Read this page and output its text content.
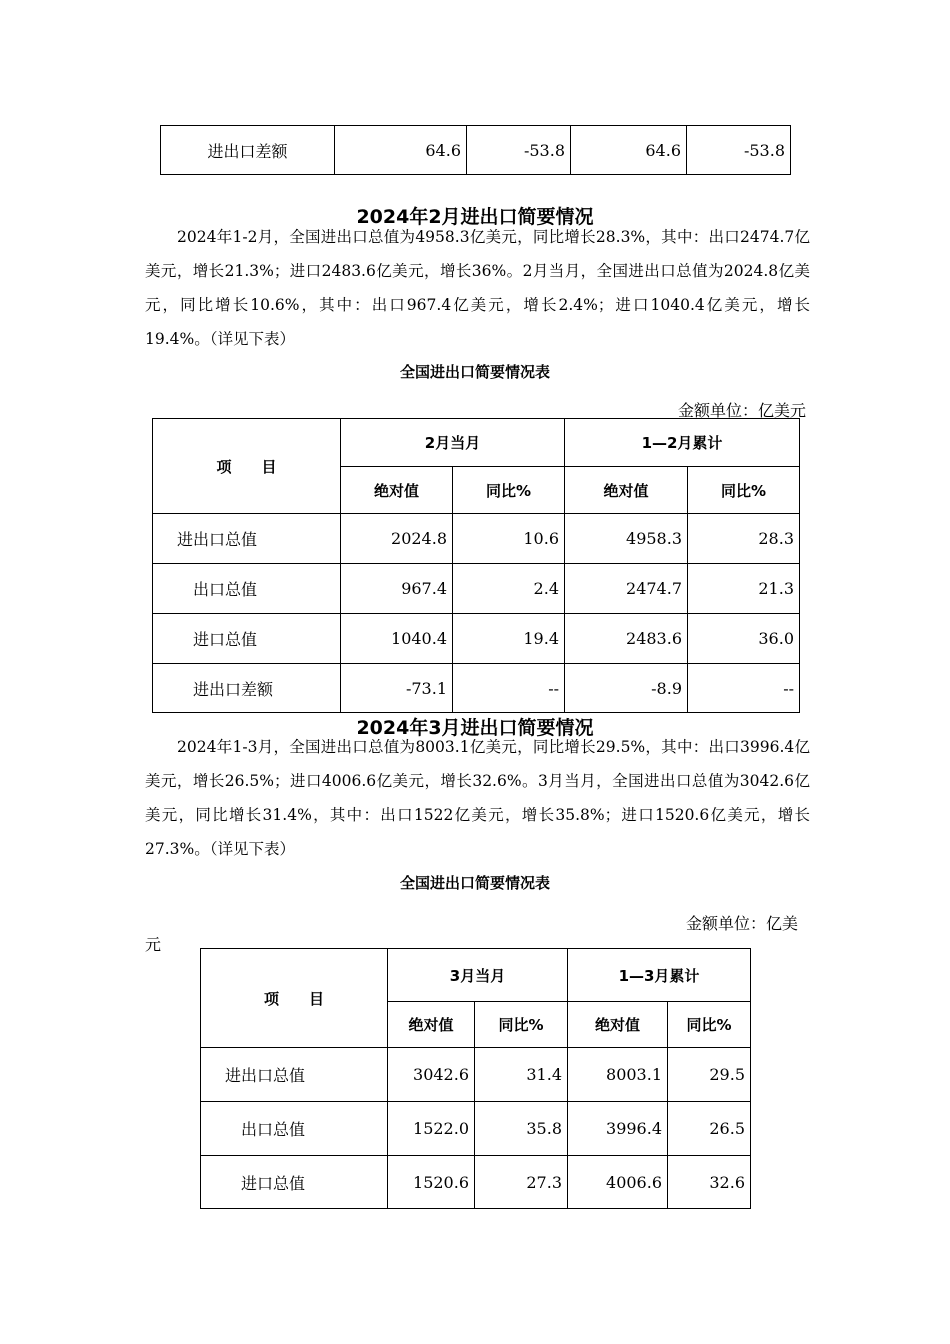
进出口差额	64.6	-53.8	64.6	-53.8
2024年2月进出口简要情况
2024年1-2月，全国进出口总值为4958.3亿美元，同比增长28.3%，其中：出口2474.7亿美元，增长21.3%；进口2483.6亿美元，增长36%。2月当月，全国进出口总值为2024.8亿美元，同比增长10.6%，其中：出口967.4亿美元，增长2.4%；进口1040.4亿美元，增长19.4%。（详见下表）
全国进出口简要情况表
金额单位：亿美元
项　　目	2月当月		1—2月累计	
	绝对值	同比%	绝对值	同比%
进出口总值	2024.8	10.6	4958.3	28.3
出口总值	967.4	2.4	2474.7	21.3
进口总值	1040.4	19.4	2483.6	36.0
进出口差额	-73.1	--	-8.9	--
2024年3月进出口简要情况
2024年1-3月，全国进出口总值为8003.1亿美元，同比增长29.5%，其中：出口3996.4亿美元，增长26.5%；进口4006.6亿美元，增长32.6%。3月当月，全国进出口总值为3042.6亿美元，同比增长31.4%，其中：出口1522亿美元，增长35.8%；进口1520.6亿美元，增长27.3%。（详见下表）
全国进出口简要情况表
金额单位：亿美
元
项　　目	3月当月		1—3月累计	
	绝对值	同比%	绝对值	同比%
进出口总值	3042.6	31.4	8003.1	29.5
出口总值	1522.0	35.8	3996.4	26.5
进口总值	1520.6	27.3	4006.6	32.6
